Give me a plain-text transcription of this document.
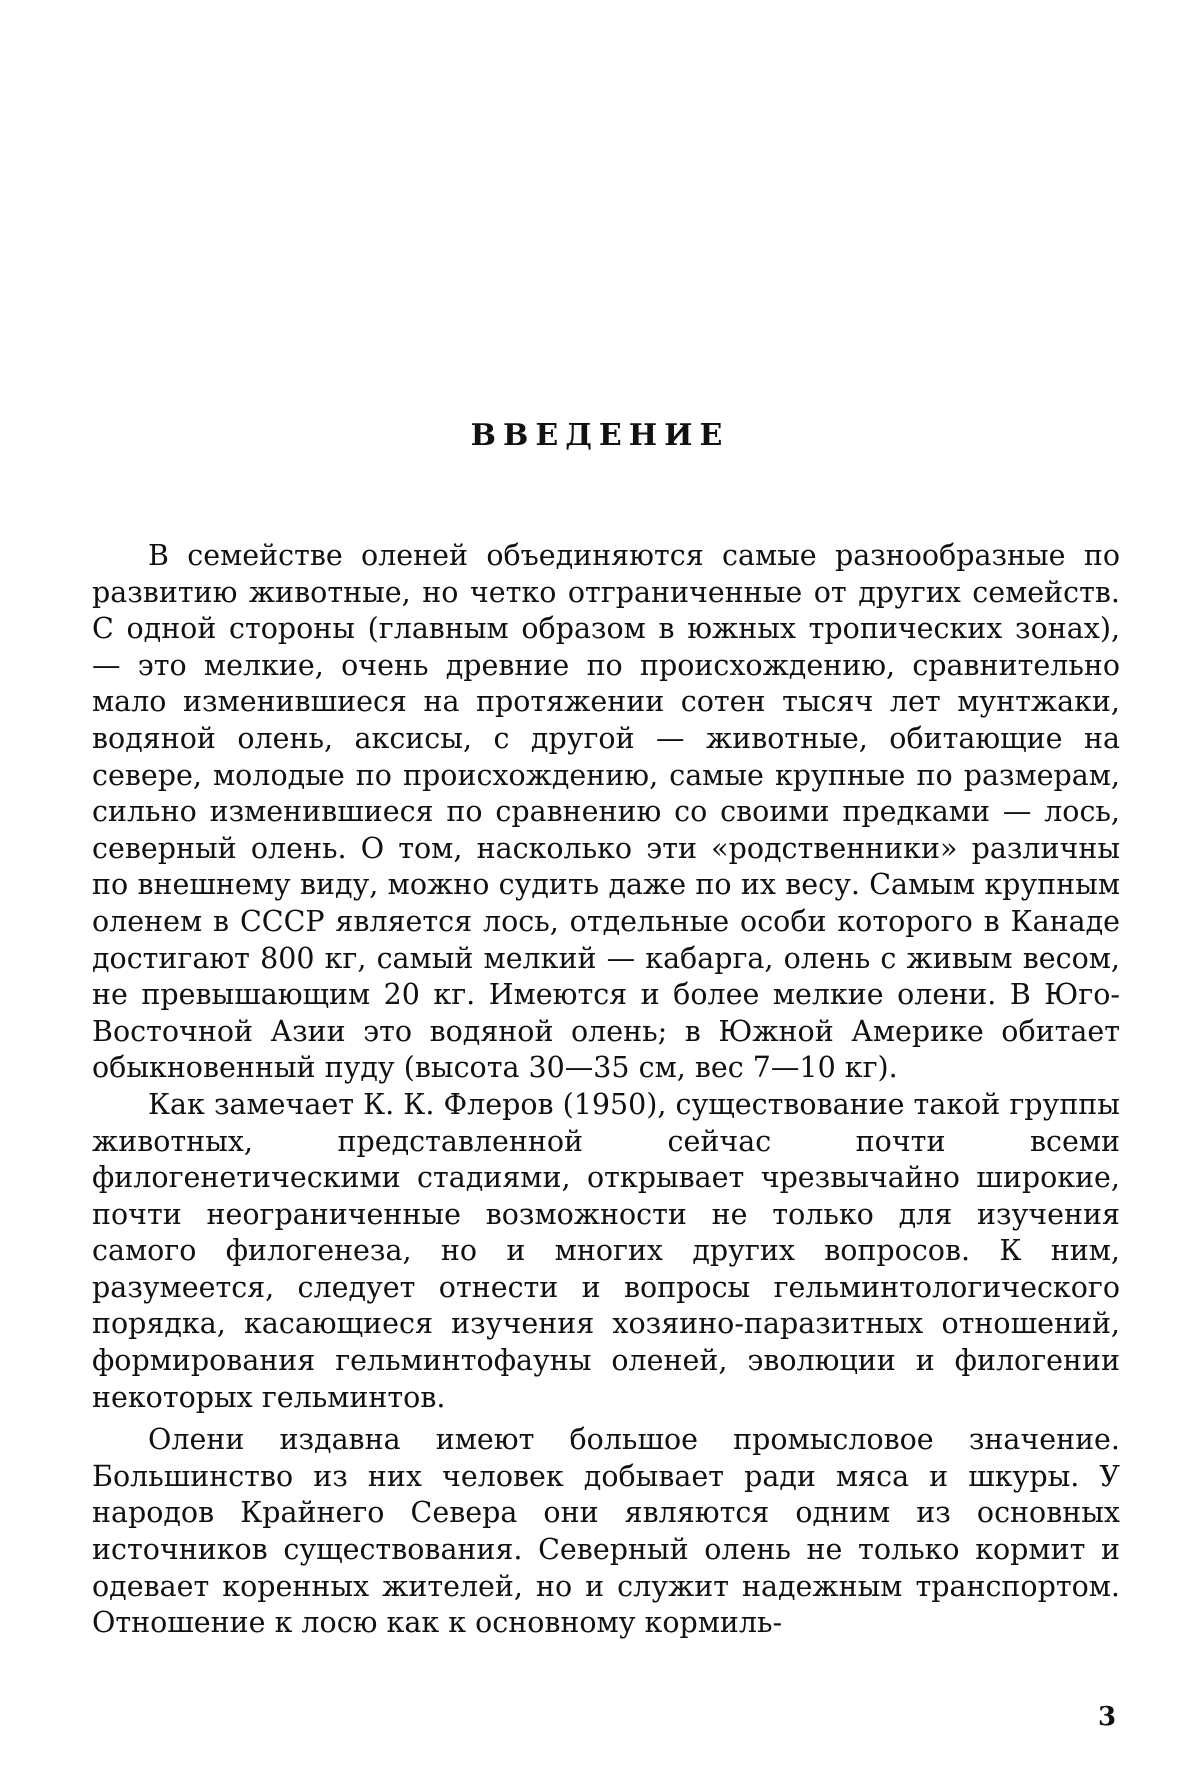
ВВЕДЕНИЕ

В семействе оленей объединяются самые разнообразные по развитию животные, но четко отграниченные от других семейств. С одной стороны (главным образом в южных тропических зонах), — это мелкие, очень древние по происхождению, сравнительно мало изменившиеся на протяжении сотен тысяч лет мунтжаки, водяной олень, аксисы, с другой — животные, обитающие на севере, молодые по происхождению, самые крупные по размерам, сильно изменившиеся по сравнению со своими предками — лось, северный олень. О том, насколько эти «родственники» различны по внешнему виду, можно судить даже по их весу. Самым крупным оленем в СССР является лось, отдельные особи которого в Канаде достигают 800 кг, самый мелкий — кабарга, олень с живым весом, не превышающим 20 кг. Имеются и более мелкие олени. В Юго-Восточной Азии это водяной олень; в Южной Америке обитает обыкновенный пуду (высота 30—35 см, вес 7—10 кг).

Как замечает К. К. Флеров (1950), существование такой группы животных, представленной сейчас почти всеми филогенетическими стадиями, открывает чрезвычайно широкие, почти неограниченные возможности не только для изучения самого филогенеза, но и многих других вопросов. К ним, разумеется, следует отнести и вопросы гельминтологического порядка, касающиеся изучения хозяино-паразитных отношений, формирования гельминтофауны оленей, эволюции и филогении некоторых гельминтов.

Олени издавна имеют большое промысловое значение. Большинство из них человек добывает ради мяса и шкуры. У народов Крайнего Севера они являются одним из основных источников существования. Северный олень не только кормит и одевает коренных жителей, но и служит надежным транспортом. Отношение к лосю как к основному кормиль-

3
